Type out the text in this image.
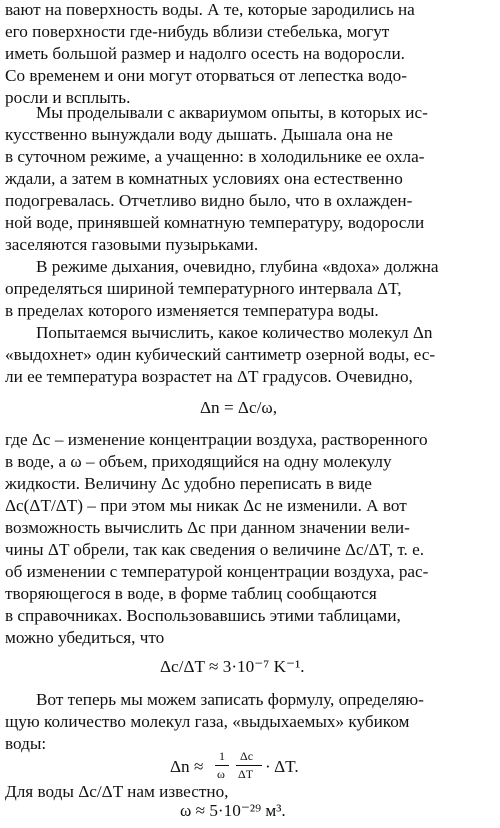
вают на поверхность воды. А те, которые зародились на
его поверхности где-нибудь вблизи стебелька, могут
иметь большой размер и надолго осесть на водоросли.
Со временем и они могут оторваться от лепестка водо-
росли и всплыть.
Мы проделывали с аквариумом опыты, в которых ис-
кусственно вынуждали воду дышать. Дышала она не
в суточном режиме, а учащенно: в холодильнике ее охла-
ждали, а затем в комнатных условиях она естественно
подогревалась. Отчетливо видно было, что в охлажден-
ной воде, принявшей комнатную температуру, водоросли
заселяются газовыми пузырьками.
В режиме дыхания, очевидно, глубина «вдоха» должна
определяться шириной температурного интервала ΔT,
в пределах которого изменяется температура воды.
Попытаемся вычислить, какое количество молекул Δn
«выдохнет» один кубический сантиметр озерной воды, ес-
ли ее температура возрастет на ΔT градусов. Очевидно,
Δn = Δc/ω,
где Δc – изменение концентрации воздуха, растворенного
в воде, а ω – объем, приходящийся на одну молекулу
жидкости. Величину Δc удобно переписать в виде
Δc(ΔT/ΔT) – при этом мы никак Δc не изменили. А вот
возможность вычислить Δc при данном значении вели-
чины ΔT обрели, так как сведения о величине Δc/ΔT, т. е.
об изменении с температурой концентрации воздуха, рас-
творяющегося в воде, в форме таблиц сообщаются
в справочниках. Воспользовавшись этими таблицами,
можно убедиться, что
Δc/ΔT ≈ 3·10⁻⁷ K⁻¹.
Вот теперь мы можем записать формулу, определяю-
щую количество молекул газа, «выдыхаемых» кубиком
воды:
Δn ≈
1
ω
Δc
ΔT · ΔT.
Для воды Δc/ΔT нам известно,
ω ≈ 5·10⁻²⁹ м³.
